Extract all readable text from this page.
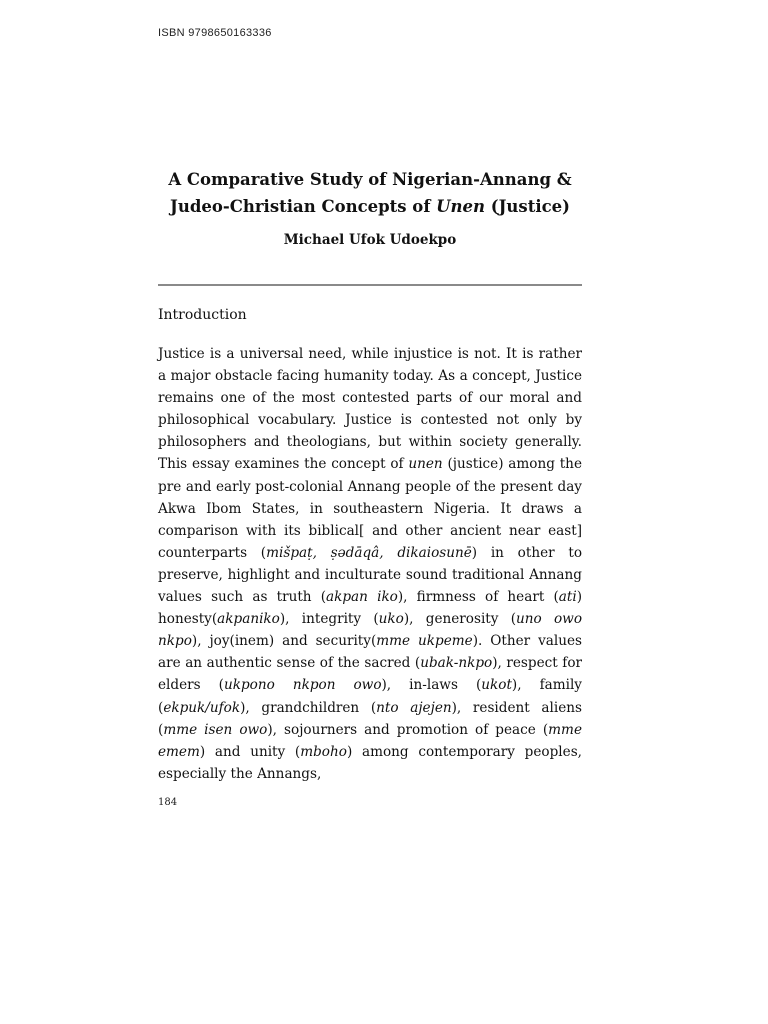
ISBN 9798650163336
A Comparative Study of Nigerian-Annang & Judeo-Christian Concepts of Unen (Justice)
Michael Ufok Udoekpo
Introduction
Justice is a universal need, while injustice is not. It is rather a major obstacle facing humanity today. As a concept, Justice remains one of the most contested parts of our moral and philosophical vocabulary. Justice is contested not only by philosophers and theologians, but within society generally. This essay examines the concept of unen (justice) among the pre and early post-colonial Annang people of the present day Akwa Ibom States, in southeastern Nigeria. It draws a comparison with its biblical[ and other ancient near east] counterparts (mišpaṭ, ṣədāqâ, dikaiosunē) in other to preserve, highlight and inculturate sound traditional Annang values such as truth (akpan iko), firmness of heart (ati) honesty(akpaniko), integrity (uko), generosity (uno owo nkpo), joy(inem) and security(mme ukpeme). Other values are an authentic sense of the sacred (ubak-nkpo), respect for elders (ukpono nkpon owo), in-laws (ukot), family (ekpuk/ufok), grandchildren (nto ajejen), resident aliens (mme isen owo), sojourners and promotion of peace (mme emem) and unity (mboho) among contemporary peoples, especially the Annangs,
184
